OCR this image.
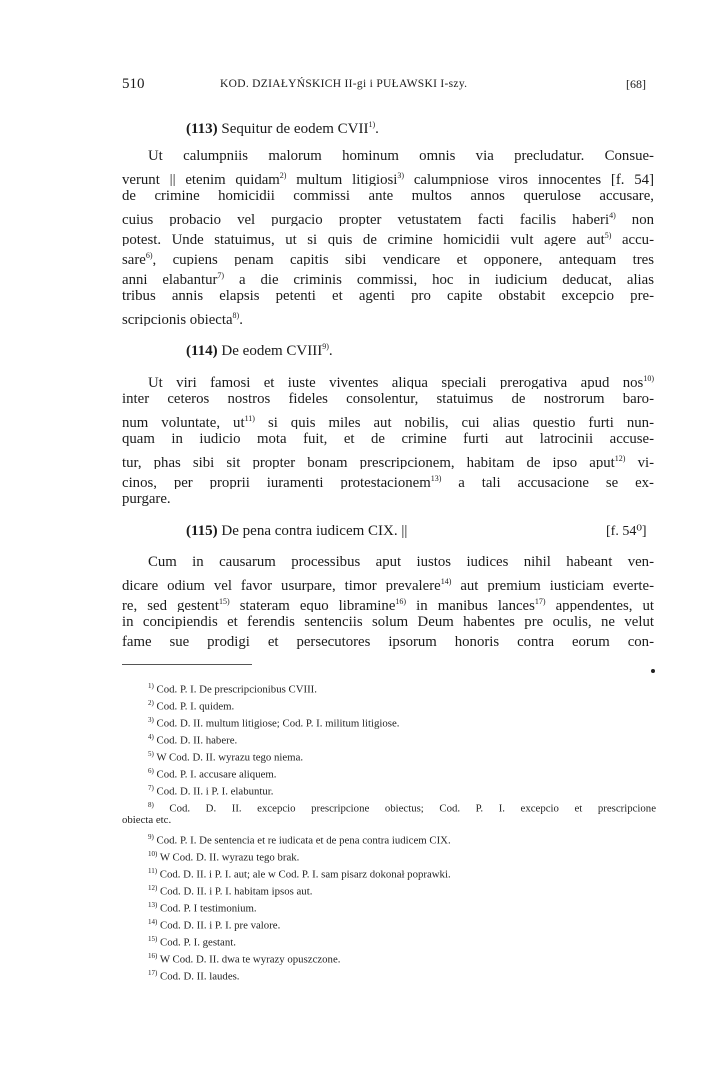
510	KOD. DZIAŁYŃSKICH II-gi i PUŁAWSKI I-szy.	[68]
(113) Sequitur de eodem CVII$^{1)}$.
Ut calumpniis malorum hominum omnis via precludatur. Consue-
verunt || etenim quidam$^{2)}$ multum litigiosi$^{3)}$ calumpniose viros innocentes [f. 54]
de crimine homicidii commissi ante multos annos querulose accusare,
cuius probacio vel purgacio propter vetustatem facti facilis haberi$^{4)}$ non
potest. Unde statuimus, ut si quis de crimine homicidii vult agere aut$^{5)}$ accu-
sare$^{6)}$, cupiens penam capitis sibi vendicare et opponere, antequam tres
anni elabantur$^{7)}$ a die criminis commissi, hoc in iudicium deducat, alias
tribus annis elapsis petenti et agenti pro capite obstabit excepcio pre-
scripcionis obiecta$^{8)}$.
(114) De eodem CVIII$^{9)}$.
Ut viri famosi et iuste viventes aliqua speciali prerogativa apud nos$^{10)}$
inter ceteros nostros fideles consolentur, statuimus de nostrorum baro-
num voluntate, $ut^{11)}$ si quis miles aut nobilis, cui alias questio furti nun-
quam in iudicio mota fuit, et de crimine furti aut latrocinii accuse-
tur, phas sibi sit propter bonam prescripcionem, habitam de ipso aput$^{12)}$ vi-
cinos, per proprii iuramenti protestacionem$^{13)}$ a tali accusacione se ex-
purgare.
(115) De pena contra iudicem CIX. ||	[f. 54⁰]
Cum in causarum processibus aput iustos iudices nihil habeant ven-
dicare odium vel favor usurpare, timor prevalere$^{14)}$ aut premium iusticiam everte-
re, sed gestent$^{15)}$ stateram equo libramine$^{16)}$ in manibus lances$^{17)}$ appendentes, ut
in concipiendis et ferendis sentenciis solum Deum habentes pre oculis, ne velut
fame sue prodigi et persecutores ipsorum honoris contra eorum con-
$^{1)}$ Cod. P. I. De prescripcionibus CVIII.
$^{2)}$ Cod. P. I. quidem.
$^{3)}$ Cod. D. II. multum litigiose; Cod. P. I. militum litigiose.
$^{4)}$ Cod. D. II. habere.
$^{5)}$ W Cod. D. II. wyrazu tego niema.
$^{6)}$ Cod. P. I. accusare aliquem.
$^{7)}$ Cod. D. II. i P. I. elabuntur.
$^{8)}$ Cod. D. II. excepcio prescripcione obiectus; Cod. P. I. excepcio et prescripcione
obiecta etc.
$^{9)}$ Cod. P. I. De sentencia et re iudicata et de pena contra iudicem CIX.
$^{10)}$ W Cod. D. II. wyrazu tego brak.
$^{11)}$ Cod. D. II. i P. I. aut; ale w Cod. P. I. sam pisarz dokonał poprawki.
$^{12)}$ Cod. D. II. i P. I. habitam ipsos aut.
$^{13)}$ Cod. P. I testimonium.
$^{14)}$ Cod. D. II. i P. I. pre valore.
$^{15)}$ Cod. P. I. gestant.
$^{16)}$ W Cod. D. II. dwa te wyrazy opuszczone.
$^{17)}$ Cod. D. II. laudes.
